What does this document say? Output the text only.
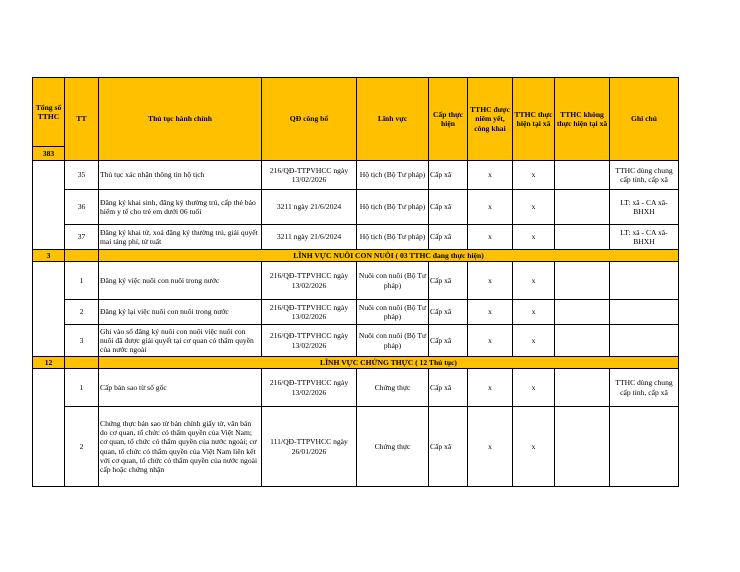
Tổng số TTHC	TT	Thủ tục hành chính	QĐ công bố	Lĩnh vực	Cấp thực hiện	TTHC được niêm yết, công khai	TTHC thực hiện tại xã	TTHC không thực hiện tại xã	Ghi chú
383									
	35	Thủ tục xác nhận thông tin hộ tịch	216/QĐ-TTPVHCC ngày 13/02/2026	Hộ tịch (Bộ Tư pháp)	Cấp xã	x	x		TTHC dùng chung cấp tỉnh, cấp xã
	36	Đăng ký khai sinh, đăng ký thường trú, cấp thẻ bảo hiểm y tế cho trẻ em dưới 06 tuổi	3211 ngày 21/6/2024	Hộ tịch (Bộ Tư pháp)	Cấp xã	x	x		LT: xã - CA xã-BHXH
	37	Đăng ký khai tử, xoá đăng ký thường trú, giải quyết mai táng phí, tử tuất	3211 ngày 21/6/2024	Hộ tịch (Bộ Tư pháp)	Cấp xã	x	x		LT: xã - CA xã-BHXH
3		LĨNH VỰC NUÔI CON NUÔI ( 03 TTHC đang thực hiện)							
	1	Đăng ký việc nuôi con nuôi trong nước	216/QĐ-TTPVHCC ngày 13/02/2026	Nuôi con nuôi (Bộ Tư pháp)	Cấp xã	x	x		
	2	Đăng ký lại việc nuôi con nuôi trong nước	216/QĐ-TTPVHCC ngày 13/02/2026	Nuôi con nuôi (Bộ Tư pháp)	Cấp xã	x	x		
	3	Ghi vào sổ đăng ký nuôi con nuôi việc nuôi con nuôi đã được giải quyết tại cơ quan có thẩm quyền của nước ngoài	216/QĐ-TTPVHCC ngày 13/02/2026	Nuôi con nuôi (Bộ Tư pháp)	Cấp xã	x	x		
12		LĨNH VỰC CHỨNG THỰC ( 12 Thủ tục)							
	1	Cấp bản sao từ sổ gốc	216/QĐ-TTPVHCC ngày 13/02/2026	Chứng thực	Cấp xã	x	x		TTHC dùng chung cấp tỉnh, cấp xã
	2	Chứng thực bản sao từ bản chính giấy tờ, văn bản do cơ quan, tổ chức có thẩm quyền của Việt Nam; cơ quan, tổ chức có thẩm quyền của nước ngoài; cơ quan, tổ chức có thẩm quyền của Việt Nam liên kết với cơ quan, tổ chức có thẩm quyền của nước ngoài cấp hoặc chứng nhận	111/QĐ-TTPVHCC ngày 26/01/2026	Chứng thực	Cấp xã	x	x		
